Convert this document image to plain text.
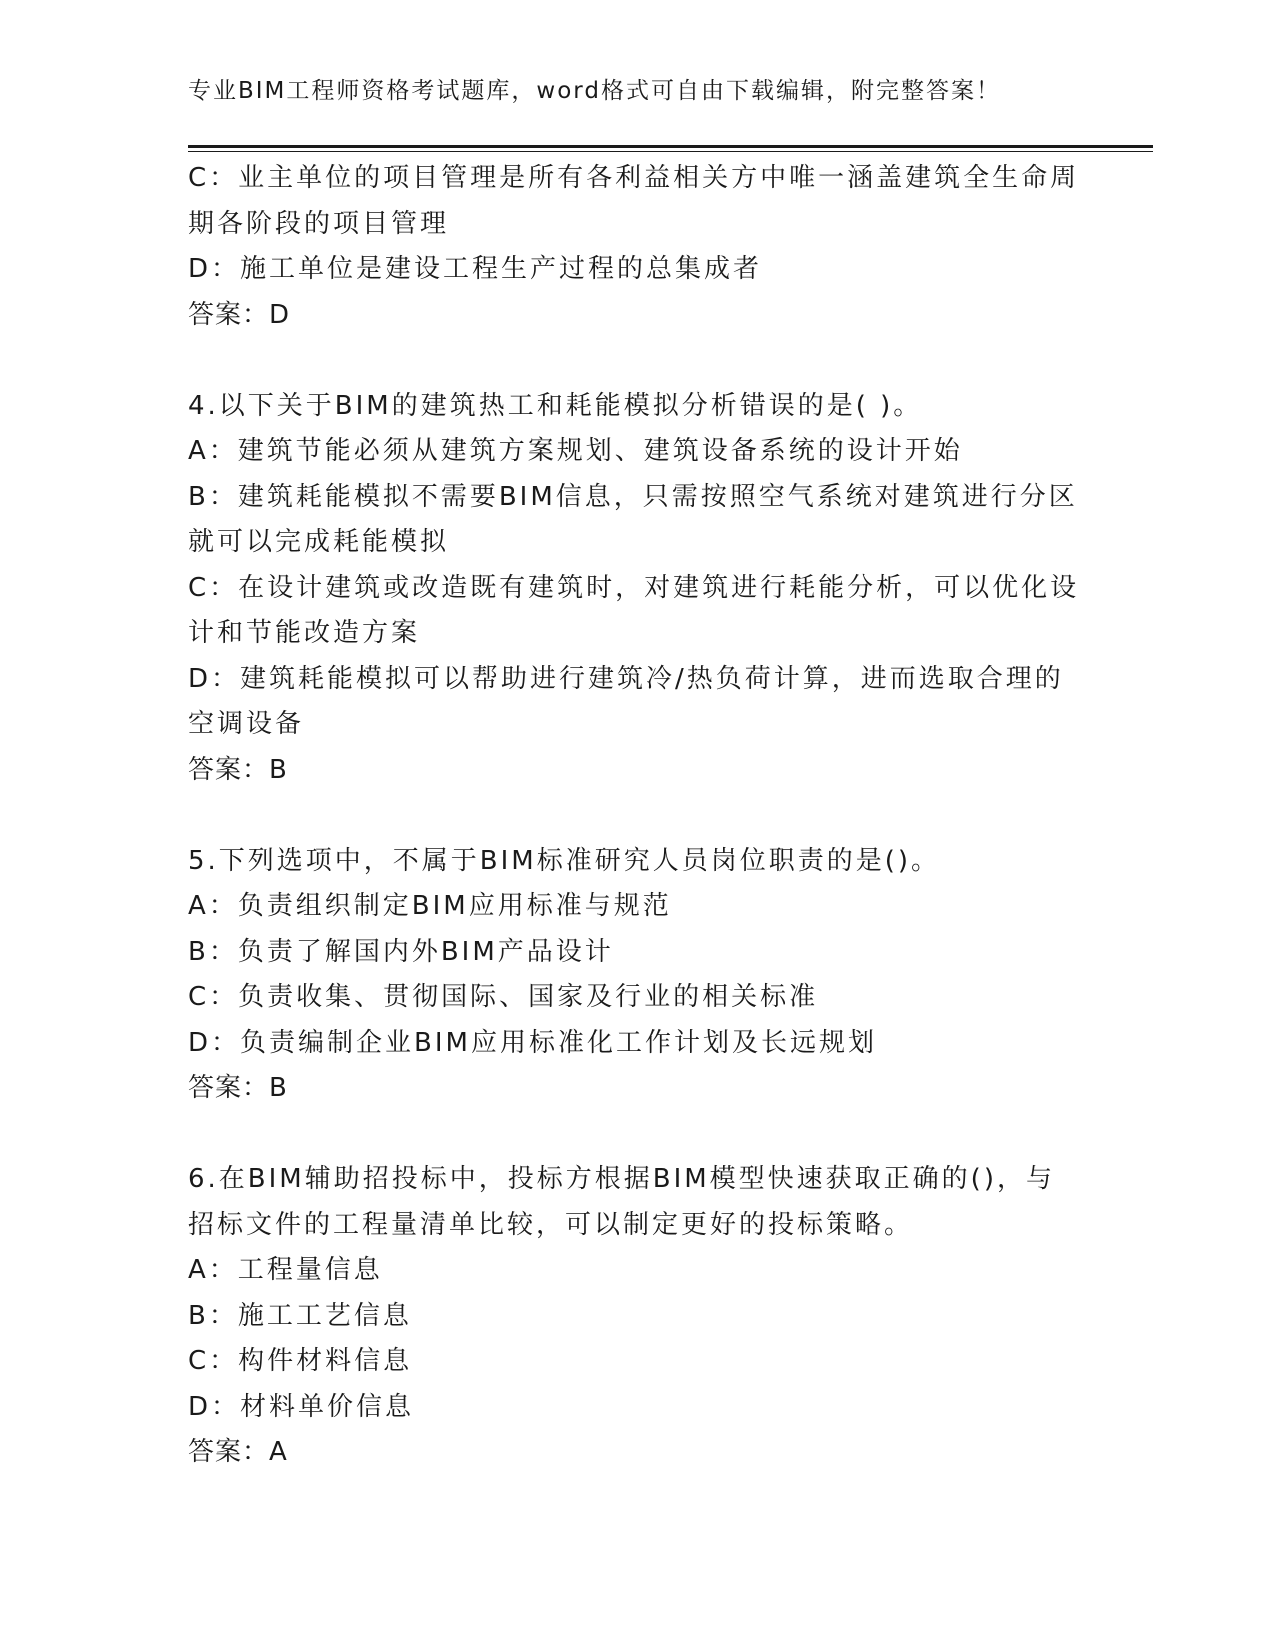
专业BIM工程师资格考试题库，word格式可自由下载编辑，附完整答案！
C：业主单位的项目管理是所有各利益相关方中唯一涵盖建筑全生命周
期各阶段的项目管理
D：施工单位是建设工程生产过程的总集成者
答案：D
4.以下关于BIM的建筑热工和耗能模拟分析错误的是( )。
A：建筑节能必须从建筑方案规划、建筑设备系统的设计开始
B：建筑耗能模拟不需要BIM信息，只需按照空气系统对建筑进行分区
就可以完成耗能模拟
C：在设计建筑或改造既有建筑时，对建筑进行耗能分析，可以优化设
计和节能改造方案
D：建筑耗能模拟可以帮助进行建筑冷/热负荷计算，进而选取合理的
空调设备
答案：B
5.下列选项中，不属于BIM标准研究人员岗位职责的是()。
A：负责组织制定BIM应用标准与规范
B：负责了解国内外BIM产品设计
C：负责收集、贯彻国际、国家及行业的相关标准
D：负责编制企业BIM应用标准化工作计划及长远规划
答案：B
6.在BIM辅助招投标中，投标方根据BIM模型快速获取正确的()，与
招标文件的工程量清单比较，可以制定更好的投标策略。
A：工程量信息
B：施工工艺信息
C：构件材料信息
D：材料单价信息
答案：A
